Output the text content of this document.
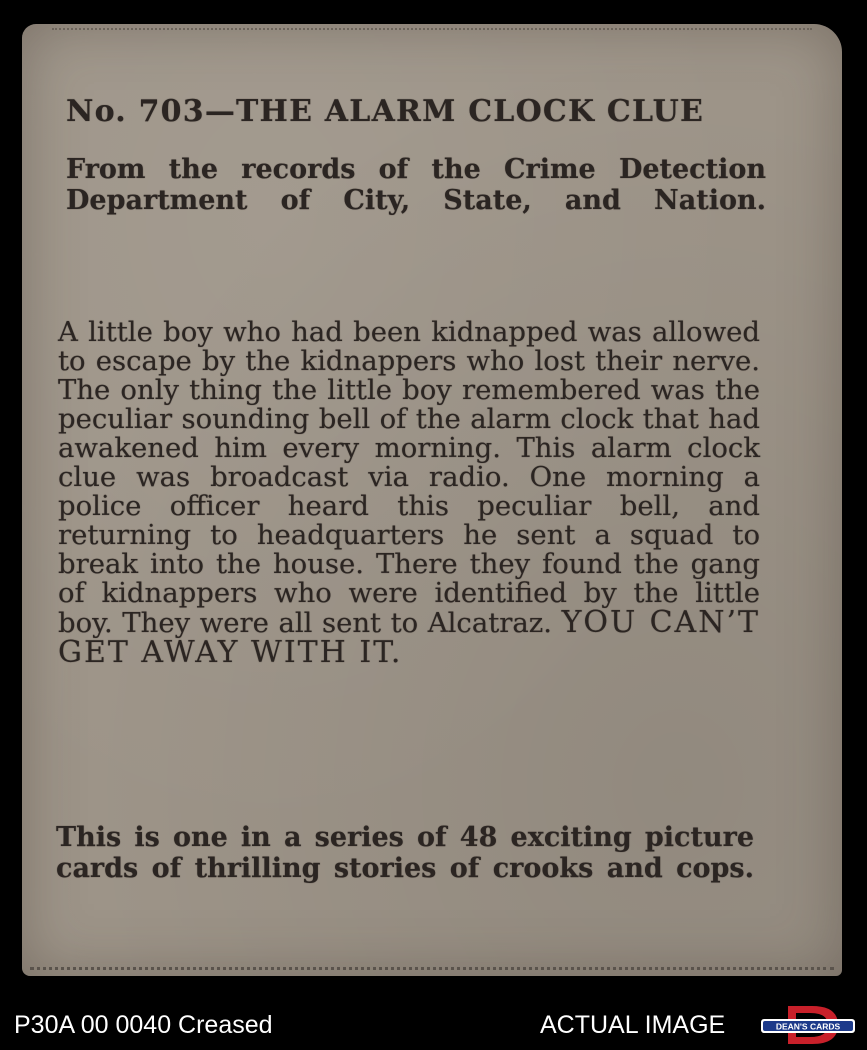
No. 703—THE ALARM CLOCK CLUE
From the records of the Crime Detection Department of City, State, and Nation.
A little boy who had been kidnapped was allowed to escape by the kidnappers who lost their nerve. The only thing the little boy remembered was the peculiar sounding bell of the alarm clock that had awakened him every morning. This alarm clock clue was broadcast via radio. One morning a police officer heard this peculiar bell, and returning to headquarters he sent a squad to break into the house. There they found the gang of kidnappers who were identified by the little boy. They were all sent to Alcatraz. YOU CAN’T GET AWAY WITH IT.
This is one in a series of 48 exciting picture cards of thrilling stories of crooks and cops.
P30A 00 0040 Creased	ACTUAL IMAGE	DEAN'S CARDS
